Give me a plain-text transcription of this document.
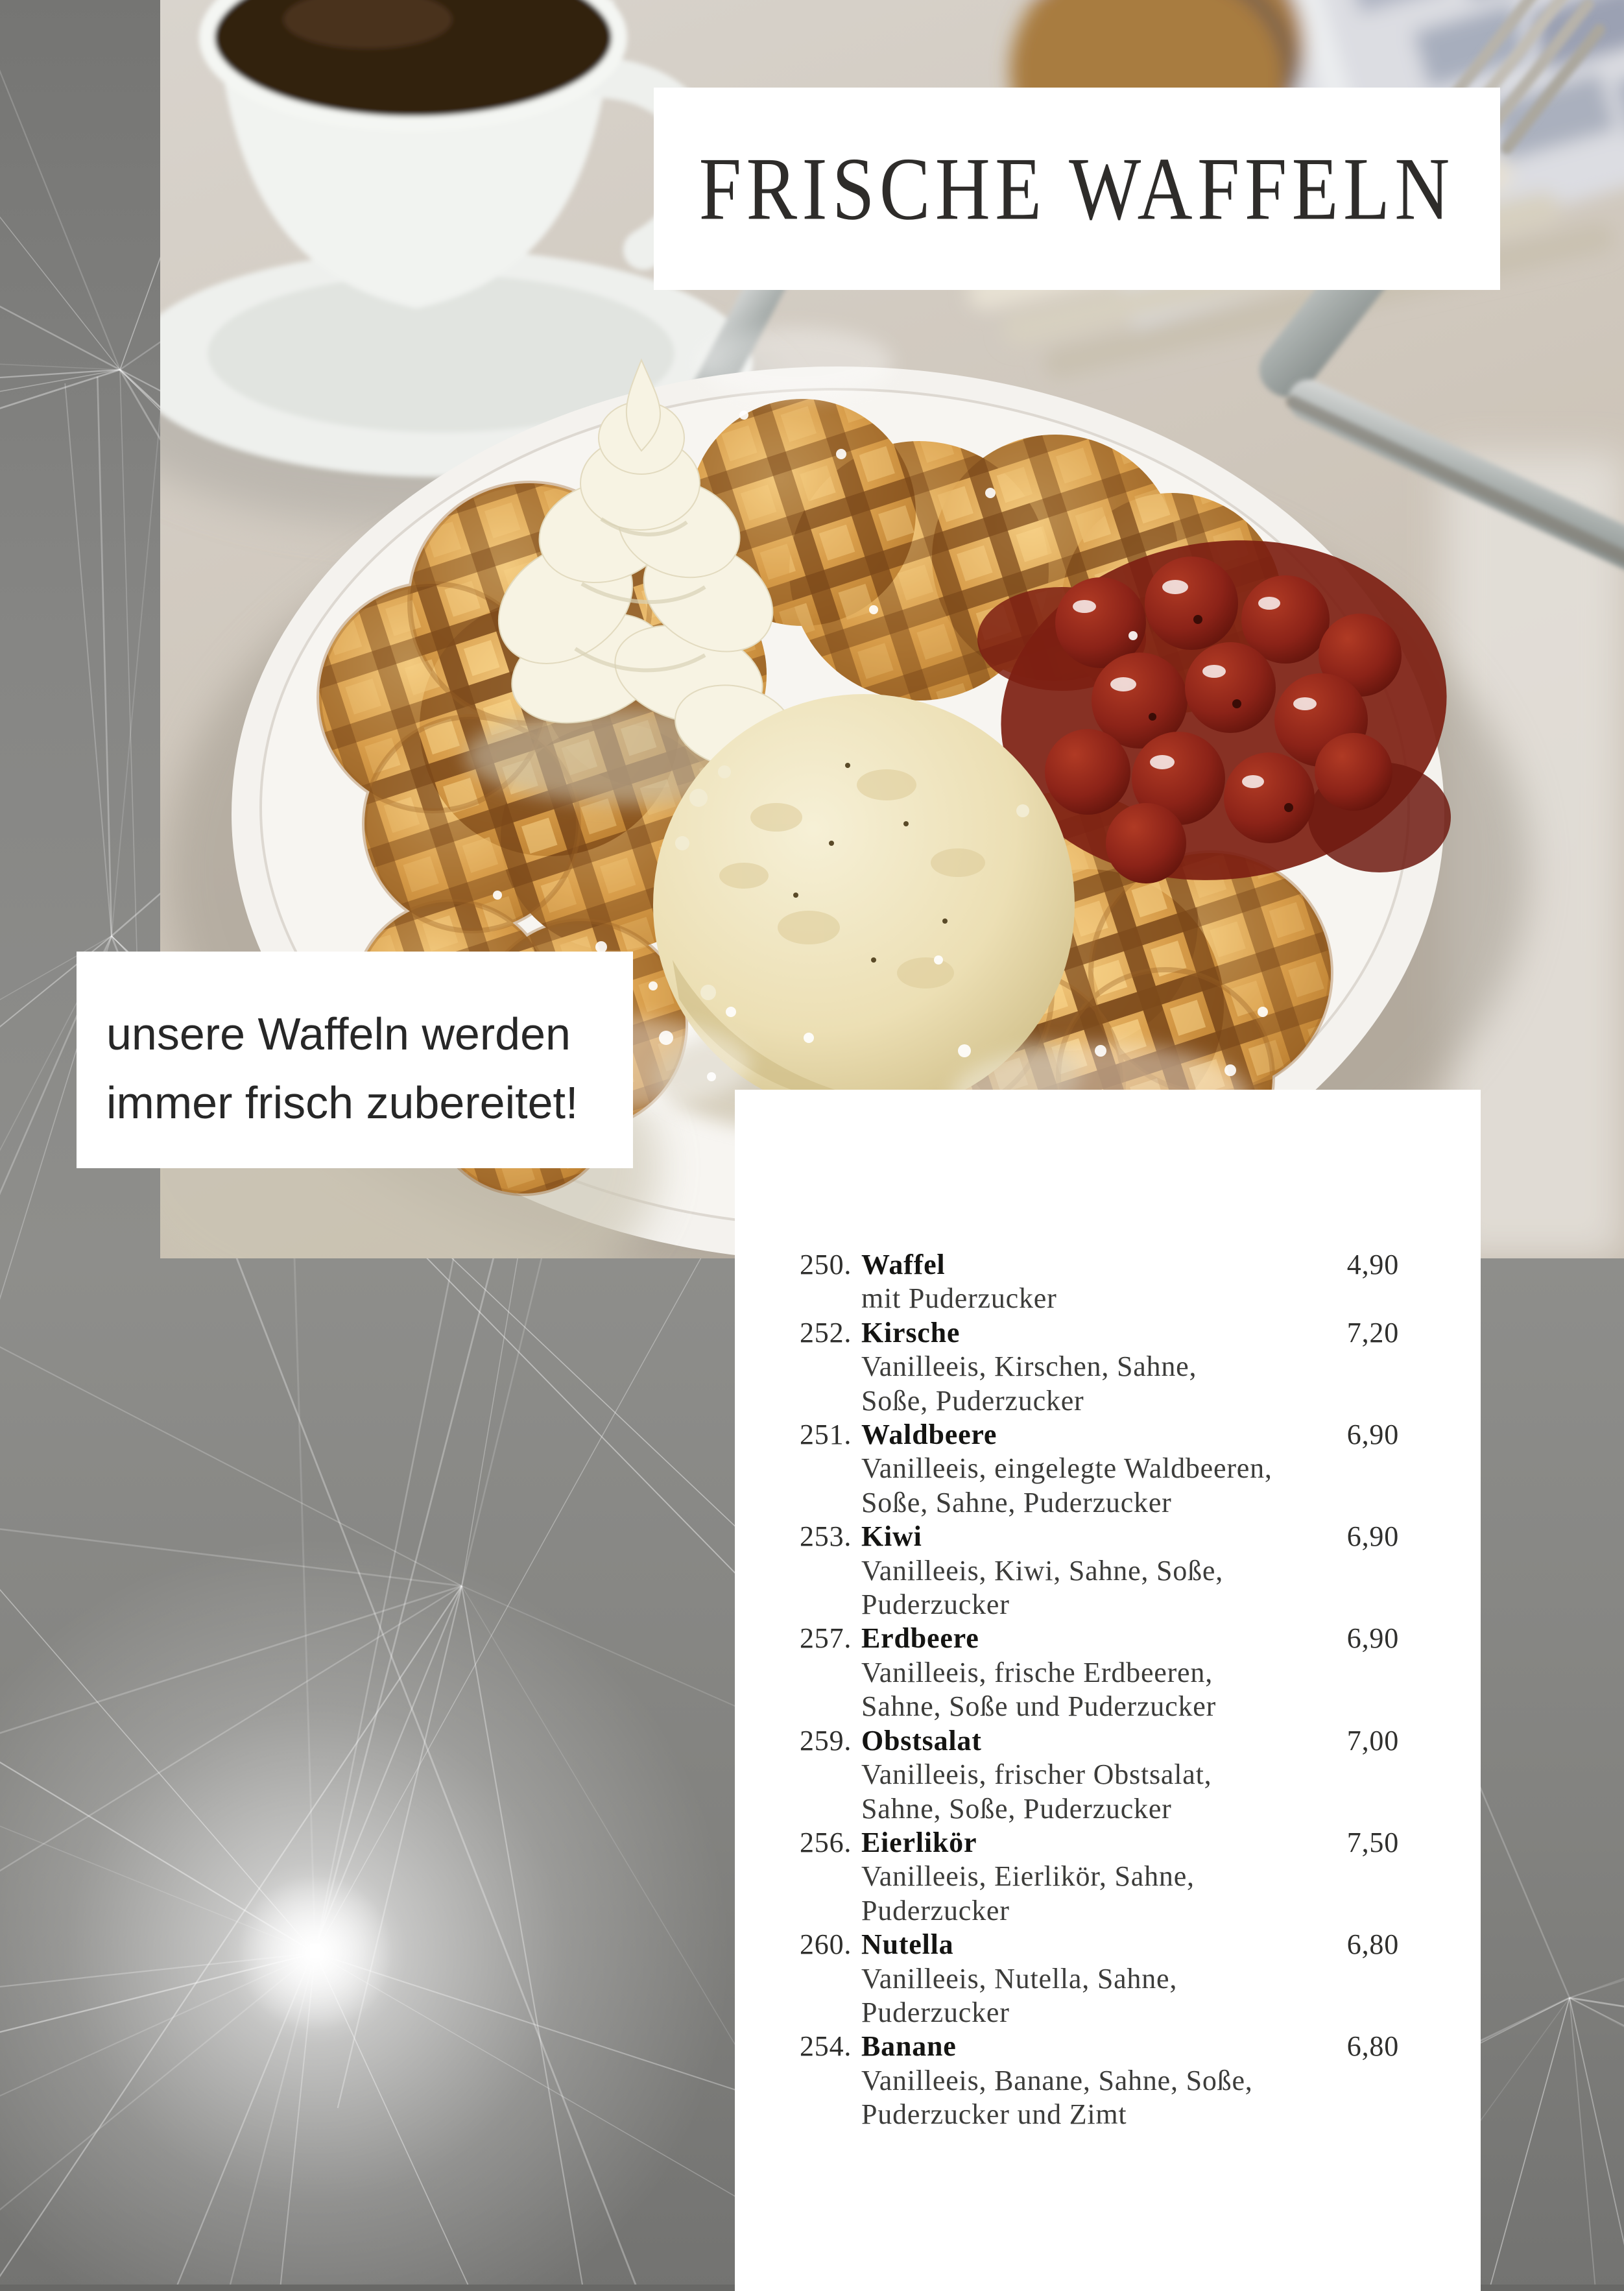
FRISCHE WAFFELN
unsere Waffeln werden
immer frisch zubereitet!
250. Waffel	4,90
mit Puderzucker
252. Kirsche	7,20
Vanilleeis, Kirschen, Sahne,
Soße, Puderzucker
251. Waldbeere	6,90
Vanilleeis, eingelegte Waldbeeren,
Soße, Sahne, Puderzucker
253. Kiwi	6,90
Vanilleeis, Kiwi, Sahne, Soße,
Puderzucker
257. Erdbeere	6,90
Vanilleeis, frische Erdbeeren,
Sahne, Soße und Puderzucker
259. Obstsalat	7,00
Vanilleeis, frischer Obstsalat,
Sahne, Soße, Puderzucker
256. Eierlikör	7,50
Vanilleeis, Eierlikör, Sahne,
Puderzucker
260. Nutella	6,80
Vanilleeis, Nutella, Sahne,
Puderzucker
254. Banane	6,80
Vanilleeis, Banane, Sahne, Soße,
Puderzucker und Zimt
